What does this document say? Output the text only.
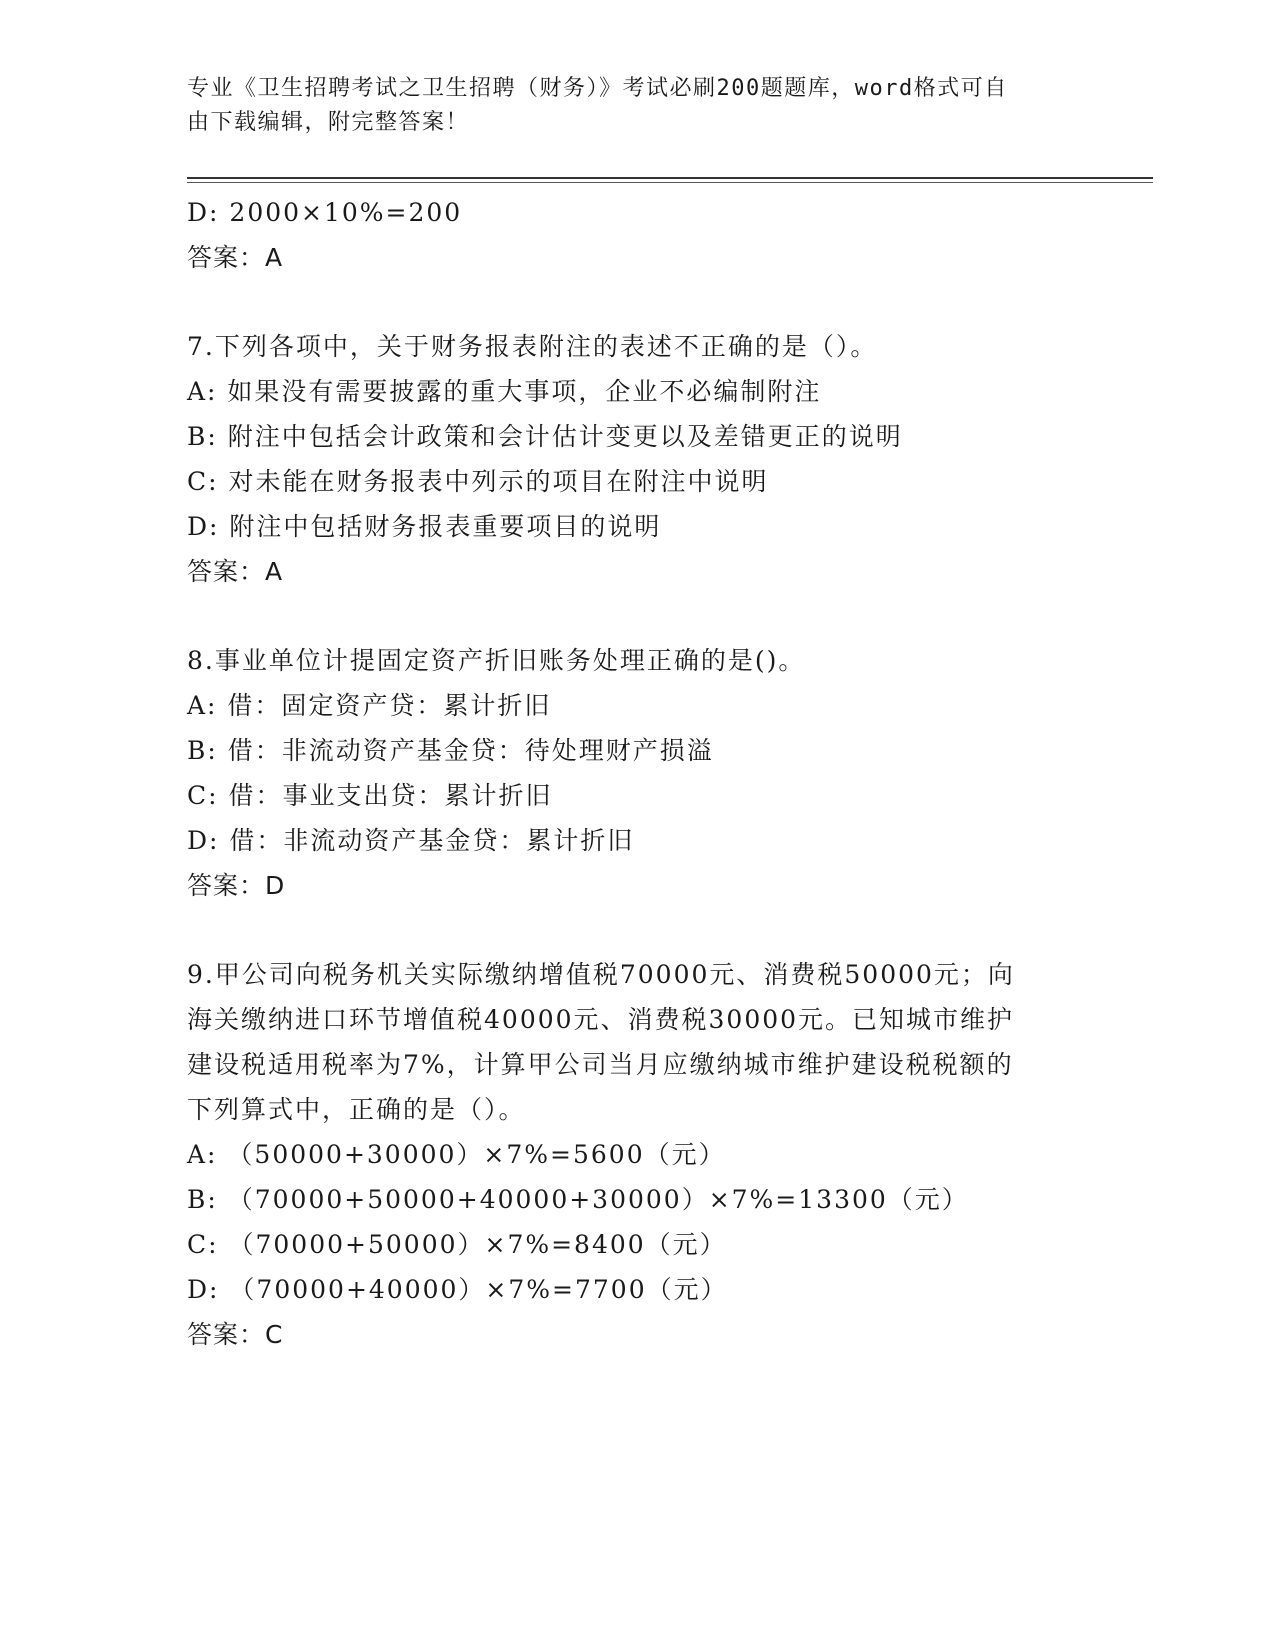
专业《卫生招聘考试之卫生招聘（财务）》考试必刷200题题库，word格式可自
由下载编辑，附完整答案！
D: 2000×10%=200
答案：A
7.下列各项中，关于财务报表附注的表述不正确的是（）。
A: 如果没有需要披露的重大事项，企业不必编制附注
B: 附注中包括会计政策和会计估计变更以及差错更正的说明
C: 对未能在财务报表中列示的项目在附注中说明
D: 附注中包括财务报表重要项目的说明
答案：A
8.事业单位计提固定资产折旧账务处理正确的是()。
A: 借：固定资产贷：累计折旧
B: 借：非流动资产基金贷：待处理财产损溢
C: 借：事业支出贷：累计折旧
D: 借：非流动资产基金贷：累计折旧
答案：D
9.甲公司向税务机关实际缴纳增值税70000元、消费税50000元；向
海关缴纳进口环节增值税40000元、消费税30000元。已知城市维护
建设税适用税率为7%，计算甲公司当月应缴纳城市维护建设税税额的
下列算式中，正确的是（）。
A: （50000+30000）×7%=5600（元）
B: （70000+50000+40000+30000）×7%=13300（元）
C: （70000+50000）×7%=8400（元）
D: （70000+40000）×7%=7700（元）
答案：C
